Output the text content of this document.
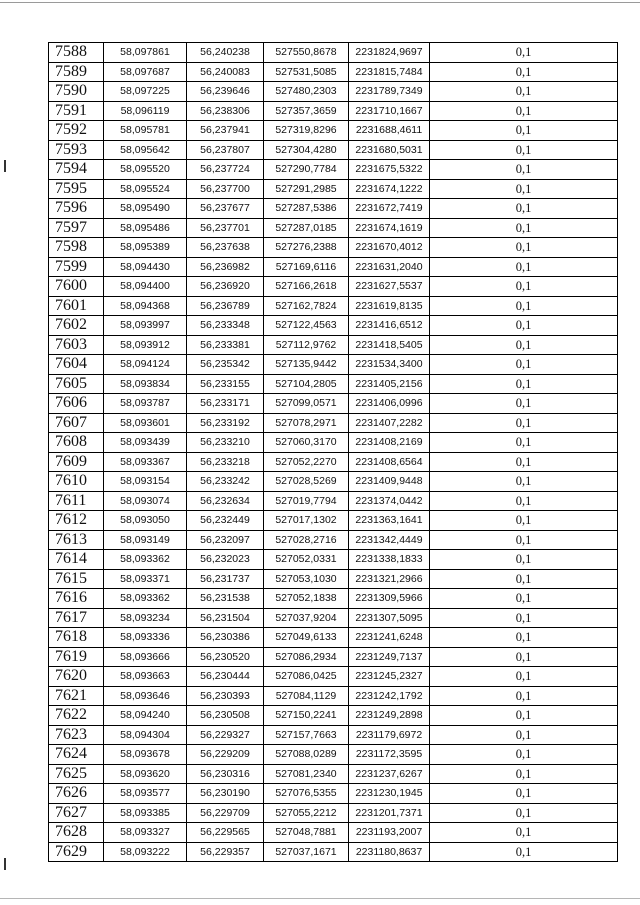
7588	58,097861	56,240238	527550,8678	2231824,9697	0,1
7589	58,097687	56,240083	527531,5085	2231815,7484	0,1
7590	58,097225	56,239646	527480,2303	2231789,7349	0,1
7591	58,096119	56,238306	527357,3659	2231710,1667	0,1
7592	58,095781	56,237941	527319,8296	2231688,4611	0,1
7593	58,095642	56,237807	527304,4280	2231680,5031	0,1
7594	58,095520	56,237724	527290,7784	2231675,5322	0,1
7595	58,095524	56,237700	527291,2985	2231674,1222	0,1
7596	58,095490	56,237677	527287,5386	2231672,7419	0,1
7597	58,095486	56,237701	527287,0185	2231674,1619	0,1
7598	58,095389	56,237638	527276,2388	2231670,4012	0,1
7599	58,094430	56,236982	527169,6116	2231631,2040	0,1
7600	58,094400	56,236920	527166,2618	2231627,5537	0,1
7601	58,094368	56,236789	527162,7824	2231619,8135	0,1
7602	58,093997	56,233348	527122,4563	2231416,6512	0,1
7603	58,093912	56,233381	527112,9762	2231418,5405	0,1
7604	58,094124	56,235342	527135,9442	2231534,3400	0,1
7605	58,093834	56,233155	527104,2805	2231405,2156	0,1
7606	58,093787	56,233171	527099,0571	2231406,0996	0,1
7607	58,093601	56,233192	527078,2971	2231407,2282	0,1
7608	58,093439	56,233210	527060,3170	2231408,2169	0,1
7609	58,093367	56,233218	527052,2270	2231408,6564	0,1
7610	58,093154	56,233242	527028,5269	2231409,9448	0,1
7611	58,093074	56,232634	527019,7794	2231374,0442	0,1
7612	58,093050	56,232449	527017,1302	2231363,1641	0,1
7613	58,093149	56,232097	527028,2716	2231342,4449	0,1
7614	58,093362	56,232023	527052,0331	2231338,1833	0,1
7615	58,093371	56,231737	527053,1030	2231321,2966	0,1
7616	58,093362	56,231538	527052,1838	2231309,5966	0,1
7617	58,093234	56,231504	527037,9204	2231307,5095	0,1
7618	58,093336	56,230386	527049,6133	2231241,6248	0,1
7619	58,093666	56,230520	527086,2934	2231249,7137	0,1
7620	58,093663	56,230444	527086,0425	2231245,2327	0,1
7621	58,093646	56,230393	527084,1129	2231242,1792	0,1
7622	58,094240	56,230508	527150,2241	2231249,2898	0,1
7623	58,094304	56,229327	527157,7663	2231179,6972	0,1
7624	58,093678	56,229209	527088,0289	2231172,3595	0,1
7625	58,093620	56,230316	527081,2340	2231237,6267	0,1
7626	58,093577	56,230190	527076,5355	2231230,1945	0,1
7627	58,093385	56,229709	527055,2212	2231201,7371	0,1
7628	58,093327	56,229565	527048,7881	2231193,2007	0,1
7629	58,093222	56,229357	527037,1671	2231180,8637	0,1
